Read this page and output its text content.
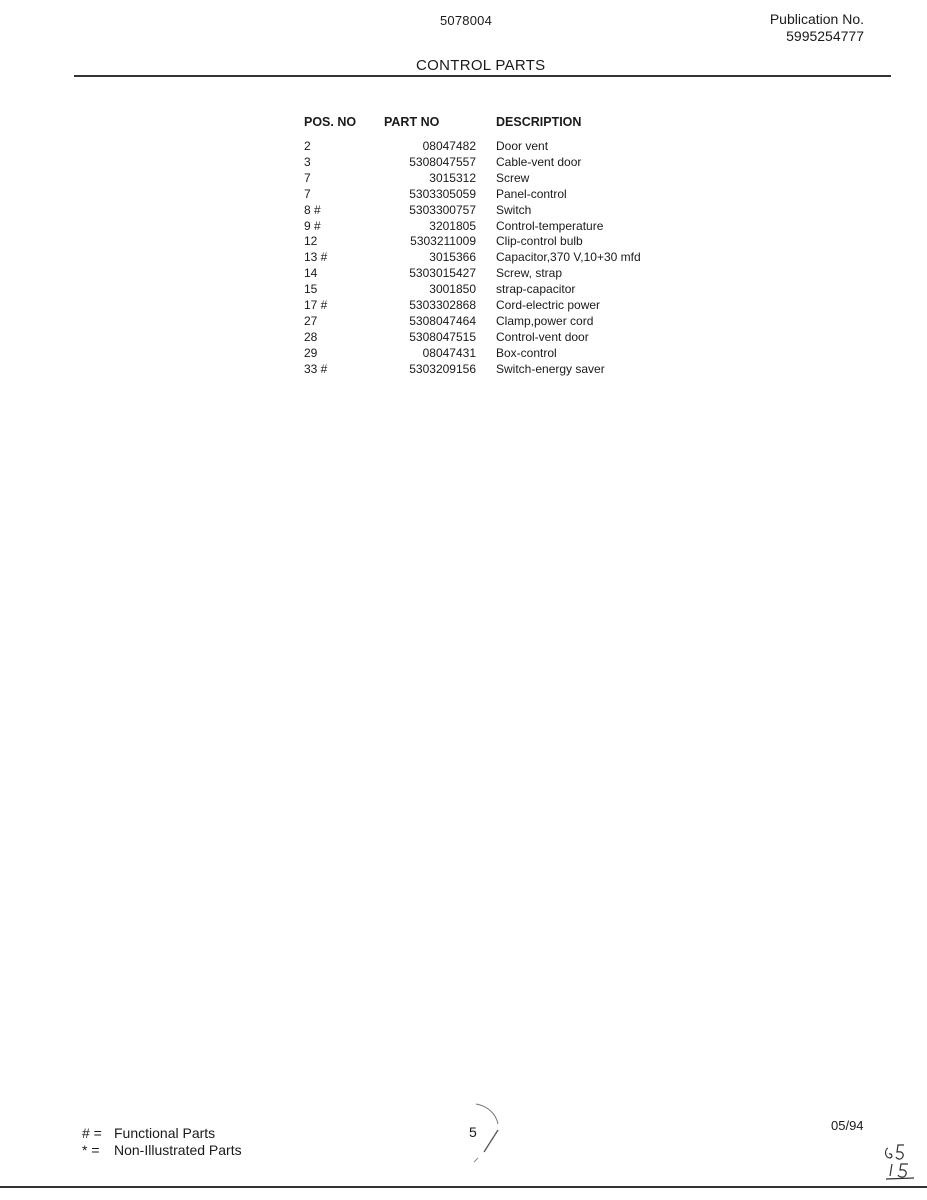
5078004	Publication No.
5995254777
CONTROL PARTS
POS. NO	PART NO	DESCRIPTION
2	08047482	Door vent
3	5308047557	Cable-vent door
7	3015312	Screw
7	5303305059	Panel-control
8 #	5303300757	Switch
9 #	3201805	Control-temperature
12	5303211009	Clip-control bulb
13 #	3015366	Capacitor,370 V,10+30 mfd
14	5303015427	Screw, strap
15	3001850	strap-capacitor
17 #	5303302868	Cord-electric power
27	5308047464	Clamp,power cord
28	5308047515	Control-vent door
29	08047431	Box-control
33 #	5303209156	Switch-energy saver
# = Functional Parts
* = Non-Illustrated Parts
5	05/94
